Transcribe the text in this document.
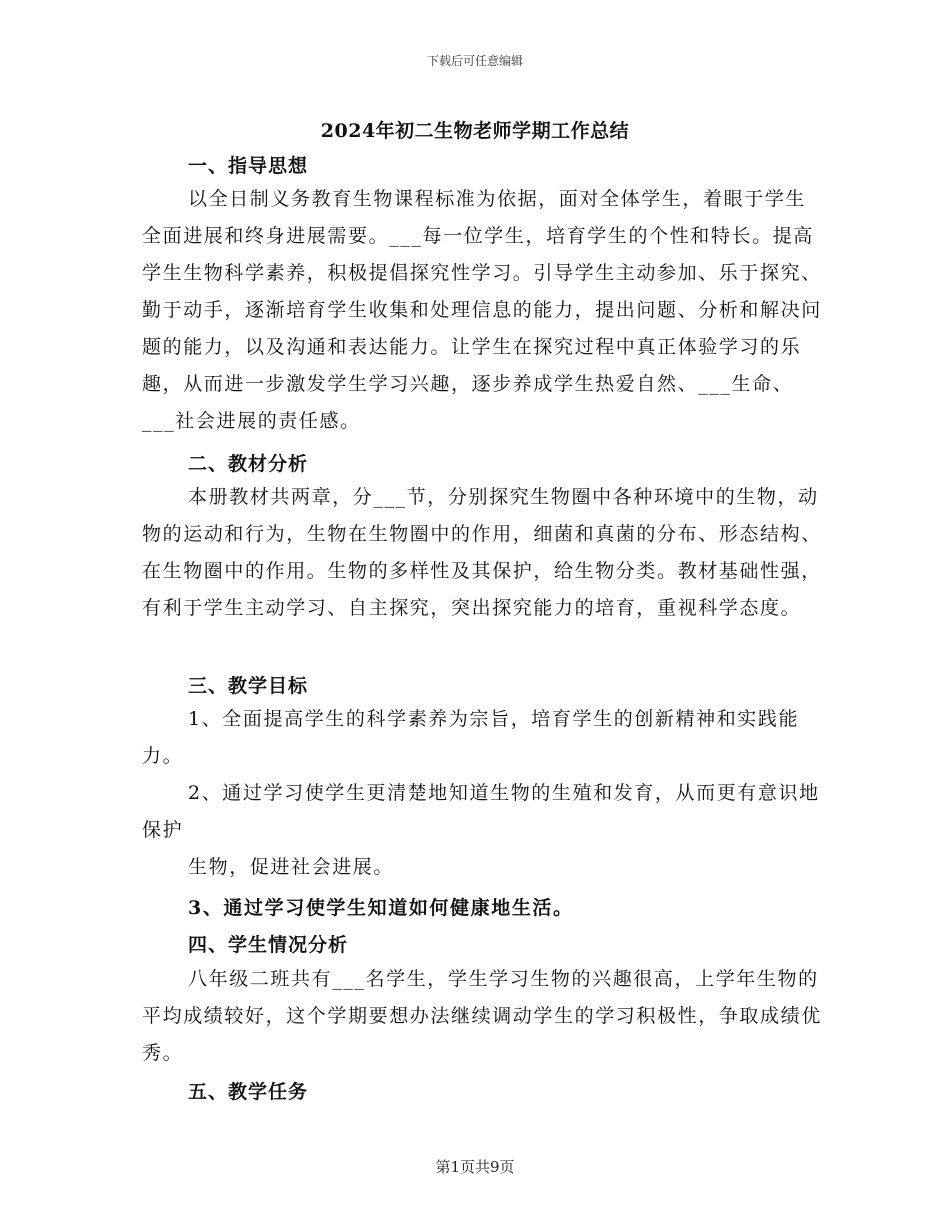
下载后可任意编辑
2024年初二生物老师学期工作总结
一、指导思想

以全日制义务教育生物课程标准为依据，面对全体学生，着眼于学生全面进展和终身进展需要。___每一位学生，培育学生的个性和特长。提高学生生物科学素养，积极提倡探究性学习。引导学生主动参加、乐于探究、勤于动手，逐渐培育学生收集和处理信息的能力，提出问题、分析和解决问题的能力，以及沟通和表达能力。让学生在探究过程中真正体验学习的乐趣，从而进一步激发学生学习兴趣，逐步养成学生热爱自然、___生命、___社会进展的责任感。

二、教材分析

本册教材共两章，分___节，分别探究生物圈中各种环境中的生物，动物的运动和行为，生物在生物圈中的作用，细菌和真菌的分布、形态结构、在生物圈中的作用。生物的多样性及其保护，给生物分类。教材基础性强，有利于学生主动学习、自主探究，突出探究能力的培育，重视科学态度。

三、教学目标

1、全面提高学生的科学素养为宗旨，培育学生的创新精神和实践能力。

2、通过学习使学生更清楚地知道生物的生殖和发育，从而更有意识地保护

生物，促进社会进展。

3、通过学习使学生知道如何健康地生活。
四、学生情况分析

八年级二班共有___名学生，学生学习生物的兴趣很高，上学年生物的平均成绩较好，这个学期要想办法继续调动学生的学习积极性，争取成绩优秀。

五、教学任务
第1页共9页
